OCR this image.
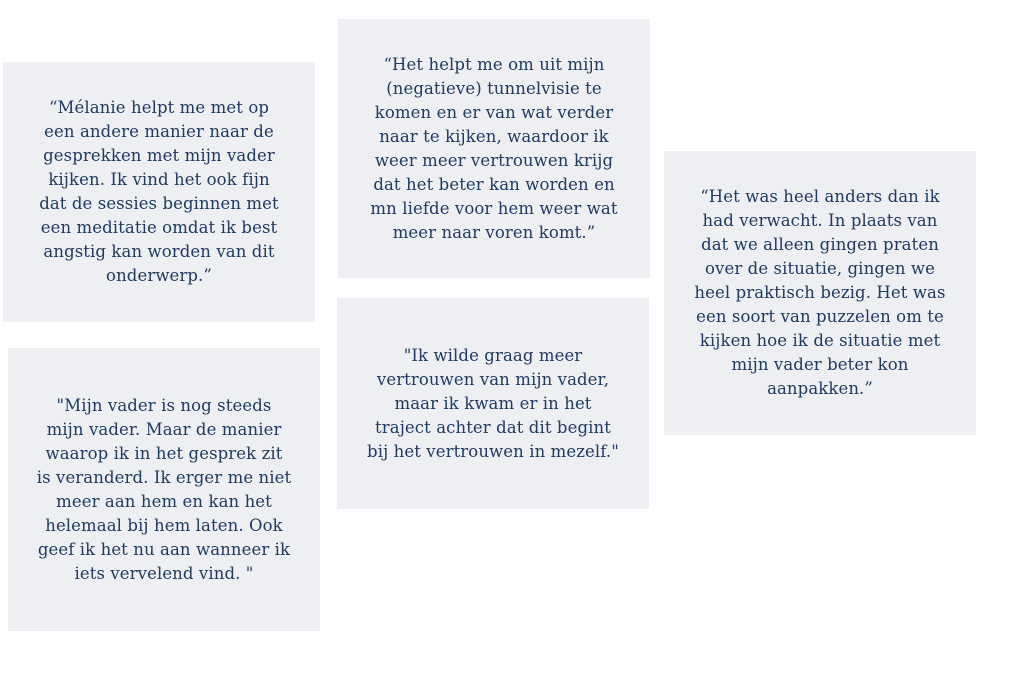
“Mélanie helpt me met op een andere manier naar de gesprekken met mijn vader kijken. Ik vind het ook fijn dat de sessies beginnen met een meditatie omdat ik best angstig kan worden van dit onderwerp.”

“Het helpt me om uit mijn (negatieve) tunnelvisie te komen en er van wat verder naar te kijken, waardoor ik weer meer vertrouwen krijg dat het beter kan worden en mn liefde voor hem weer wat meer naar voren komt.”

“Het was heel anders dan ik had verwacht. In plaats van dat we alleen gingen praten over de situatie, gingen we heel praktisch bezig. Het was een soort van puzzelen om te kijken hoe ik de situatie met mijn vader beter kon aanpakken.”

"Mijn vader is nog steeds mijn vader. Maar de manier waarop ik in het gesprek zit is veranderd. Ik erger me niet meer aan hem en kan het helemaal bij hem laten. Ook geef ik het nu aan wanneer ik iets vervelend vind. "

"Ik wilde graag meer vertrouwen van mijn vader, maar ik kwam er in het traject achter dat dit begint bij het vertrouwen in mezelf."
